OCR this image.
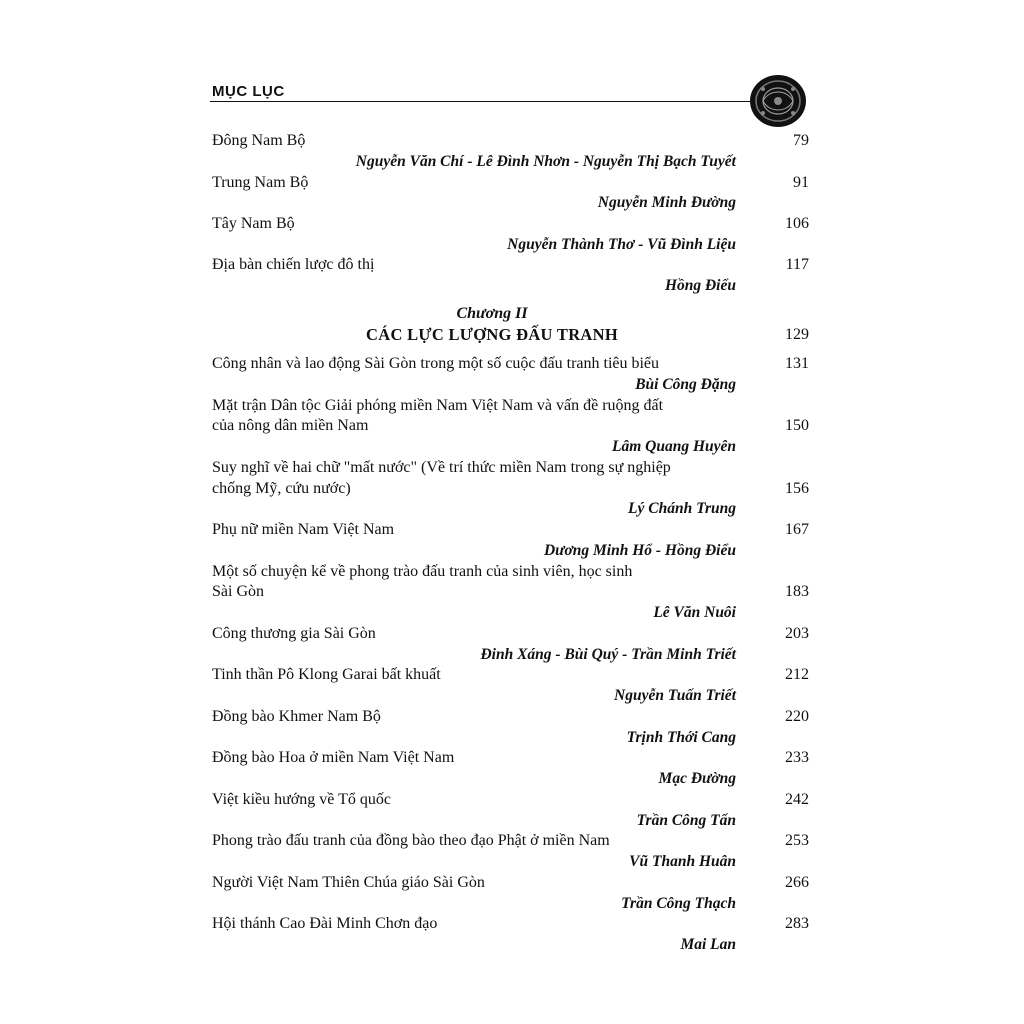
MỤC LỤC
Đông Nam Bộ	79
Nguyễn Văn Chí - Lê Đình Nhơn - Nguyễn Thị Bạch Tuyết
Trung Nam Bộ	91
Nguyễn Minh Đường
Tây Nam Bộ	106
Nguyễn Thành Thơ - Vũ Đình Liệu
Địa bàn chiến lược đô thị	117
Hồng Điểu
Chương II
CÁC LỰC LƯỢNG ĐẤU TRANH	129
Công nhân và lao động Sài Gòn trong một số cuộc đấu tranh tiêu biểu	131
Bùi Công Đặng
Mặt trận Dân tộc Giải phóng miền Nam Việt Nam và vấn đề ruộng đất
của nông dân miền Nam	150
Lâm Quang Huyên
Suy nghĩ về hai chữ "mất nước" (Về trí thức miền Nam trong sự nghiệp
chống Mỹ, cứu nước)	156
Lý Chánh Trung
Phụ nữ miền Nam Việt Nam	167
Dương Minh Hổ - Hồng Điểu
Một số chuyện kể về phong trào đấu tranh của sinh viên, học sinh
Sài Gòn	183
Lê Văn Nuôi
Công thương gia Sài Gòn	203
Đinh Xáng - Bùi Quý - Trần Minh Triết
Tinh thần Pô Klong Garai bất khuất	212
Nguyễn Tuấn Triết
Đồng bào Khmer Nam Bộ	220
Trịnh Thới Cang
Đồng bào Hoa ở miền Nam Việt Nam	233
Mạc Đường
Việt kiều hướng về Tổ quốc	242
Trần Công Tấn
Phong trào đấu tranh của đồng bào theo đạo Phật ở miền Nam	253
Vũ Thanh Huân
Người Việt Nam Thiên Chúa giáo Sài Gòn	266
Trần Công Thạch
Hội thánh Cao Đài Minh Chơn đạo	283
Mai Lan
